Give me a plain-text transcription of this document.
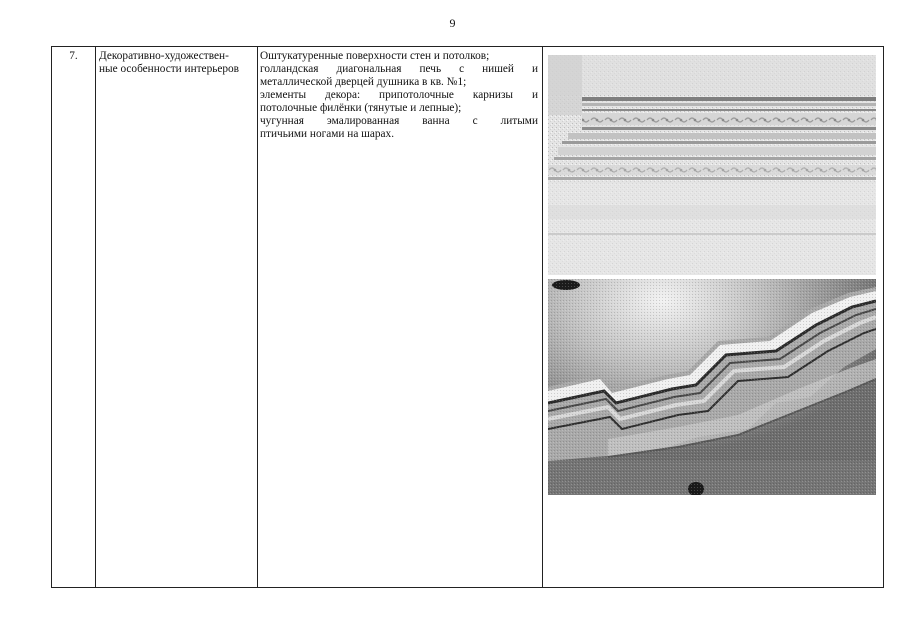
9
7.	Декоративно-художествен-
ные особенности интерьеров
Оштукатуренные поверхности стен и потолков;
голландская диагональная печь с нишей и
металлической дверцей душника в кв. №1;
элементы декора: припотолочные карнизы и
потолочные филёнки (тянутые и лепные);
чугунная эмалированная ванна с литыми
птичьими ногами на шарах.
